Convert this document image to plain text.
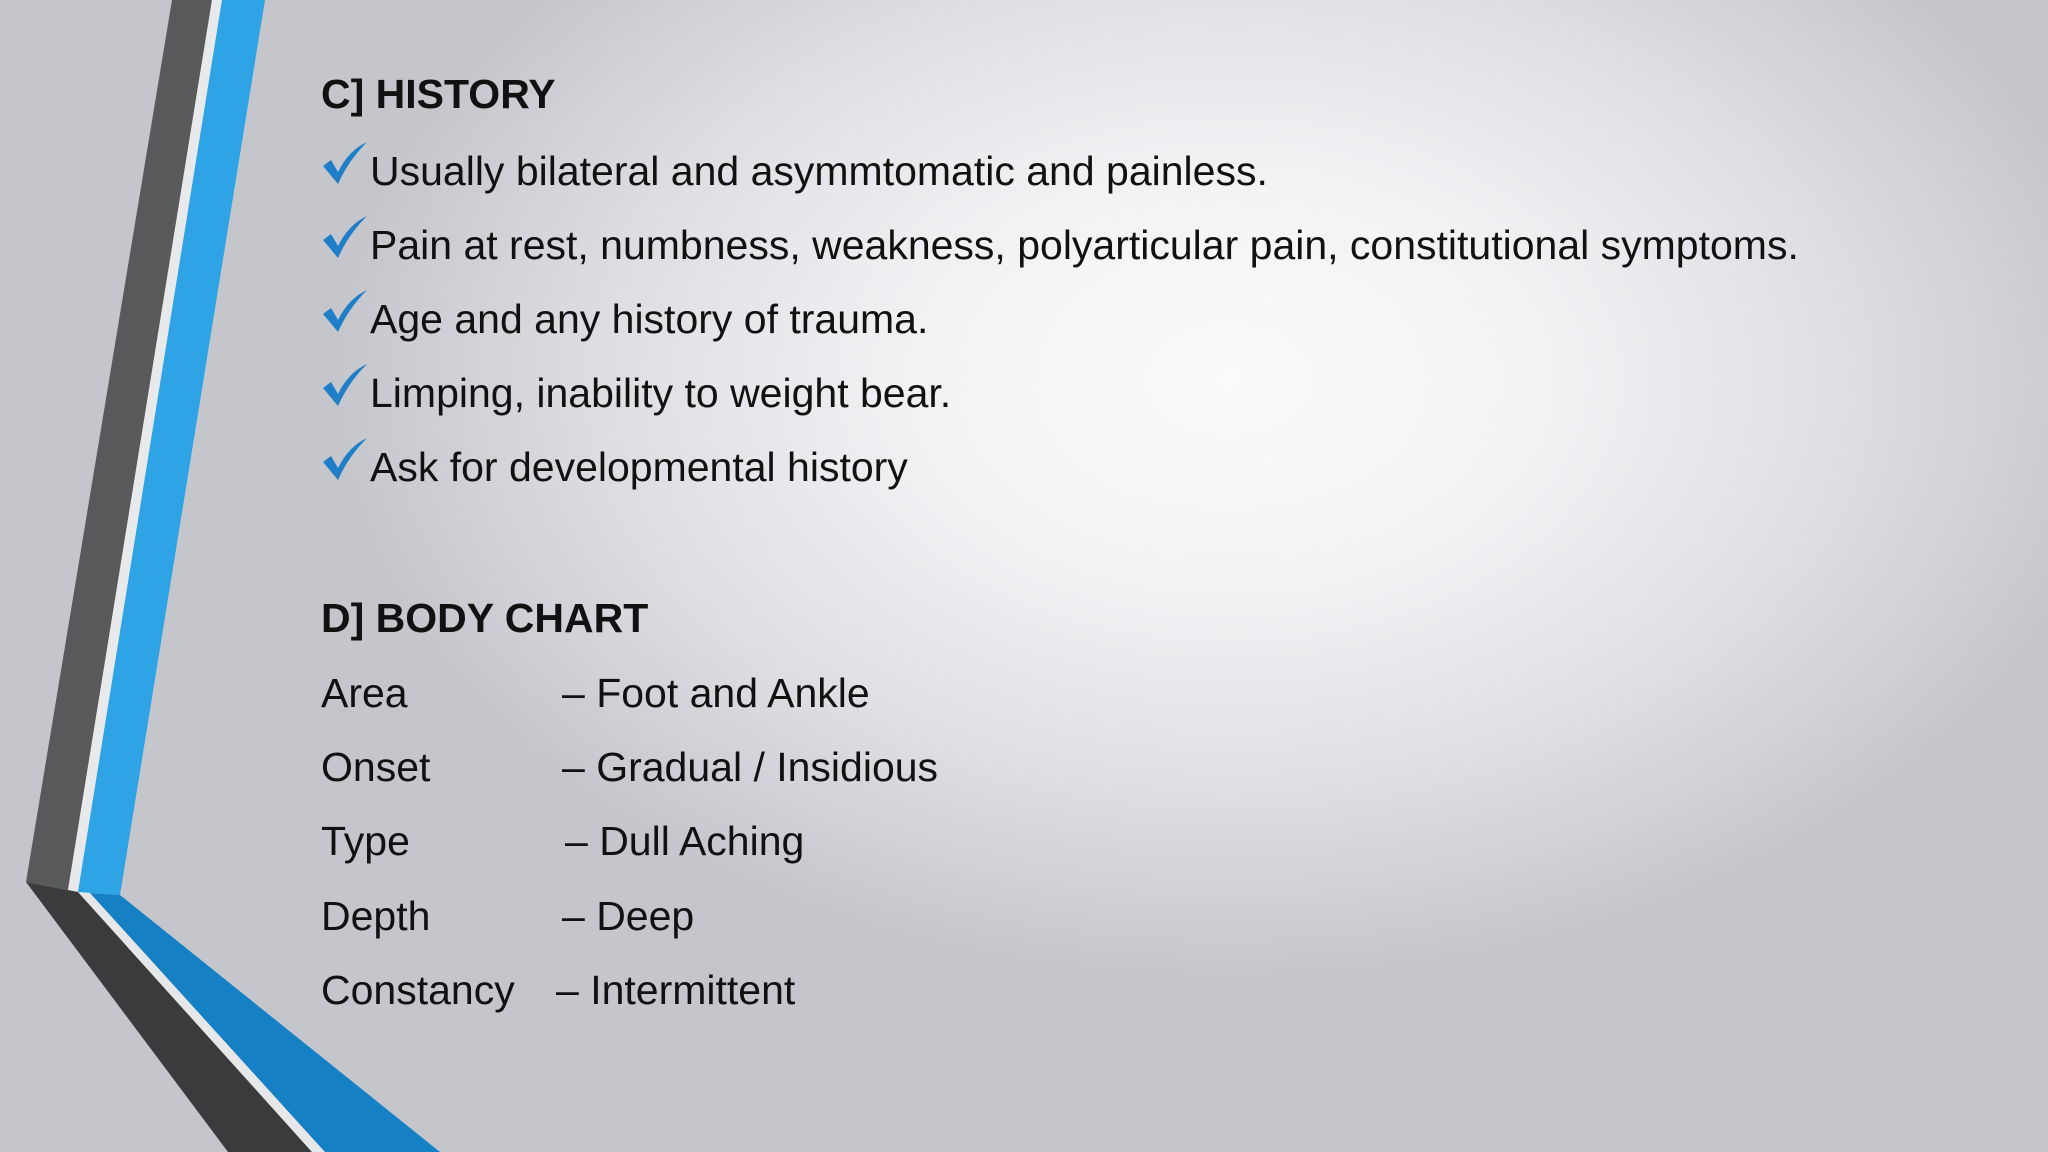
C] HISTORY
Usually bilateral and asymmtomatic and painless.
Pain at rest, numbness, weakness, polyarticular pain, constitutional symptoms.
Age and any history of trauma.
Limping, inability to weight bear.
Ask for developmental history
D] BODY CHART
Area	– Foot and Ankle
Onset	– Gradual / Insidious
Type	– Dull Aching
Depth	– Deep
Constancy – Intermittent
